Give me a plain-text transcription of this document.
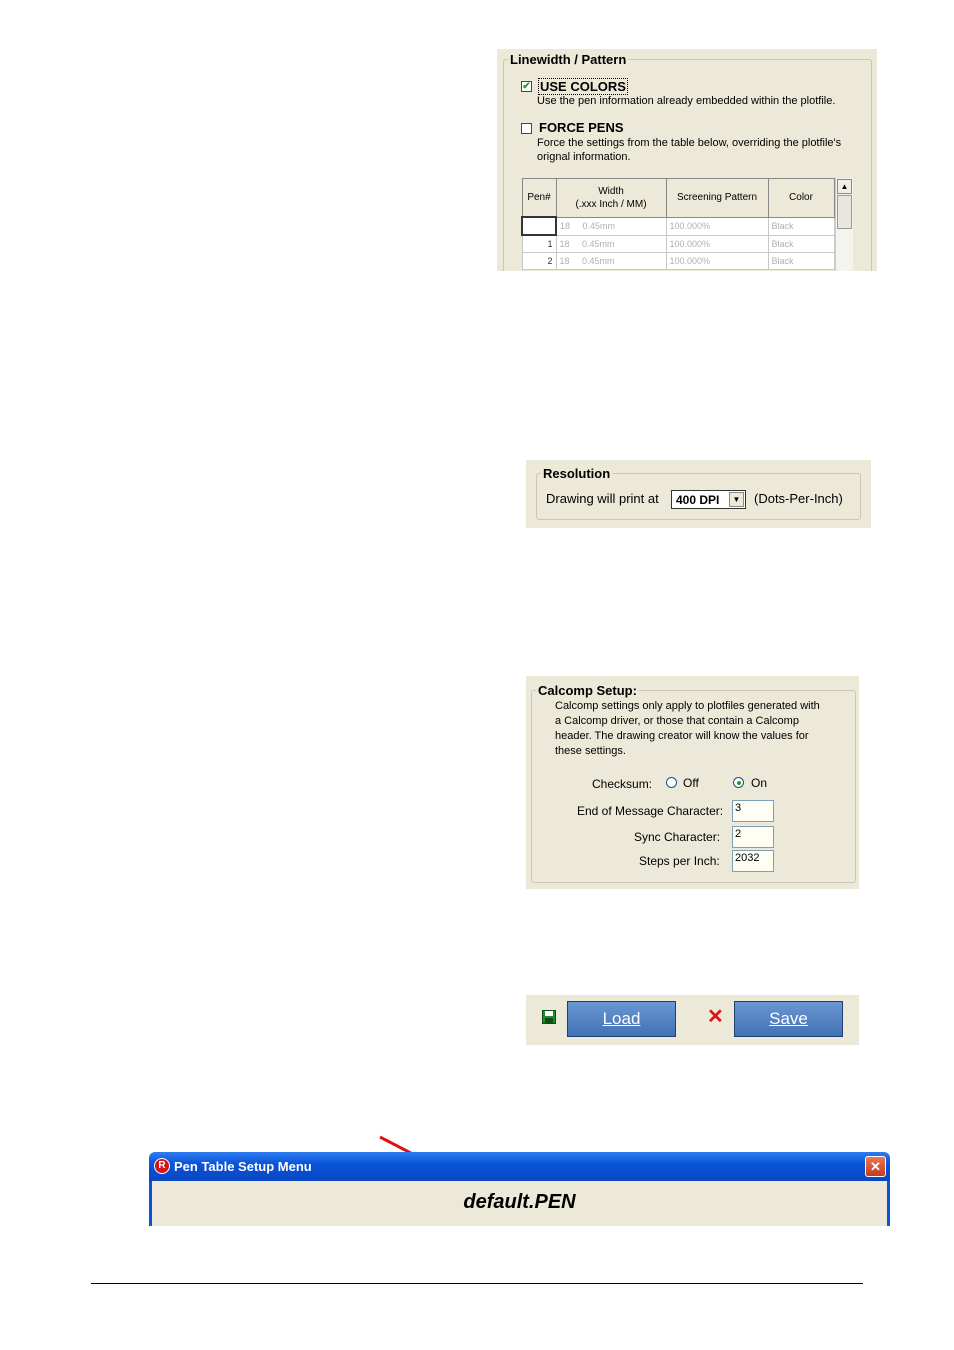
Linewidth / Pattern
✔ USE COLORS
Use the pen information already embedded within the plotfile.
FORCE PENS
Force the settings from the table below, overriding the plotfile's
orignal information.
Pen#	Width
(.xxx Inch / MM)	Screening Pattern	Color
0	18 0.45mm	100.000%	Black
1	18 0.45mm	100.000%	Black
2	18 0.45mm	100.000%	Black
▲
Resolution
Drawing will print at 400 DPI	▼ (Dots-Per-Inch)
Calcomp Setup:
Calcomp settings only apply to plotfiles generated with
a Calcomp driver, or those that contain a Calcomp
header. The drawing creator will know the values for
these settings.
Checksum:	Off	On
End of Message Character: 3
Sync Character: 2
Steps per Inch: 2032
Load	✕	Save
R Pen Table Setup Menu	✕
default.PEN
